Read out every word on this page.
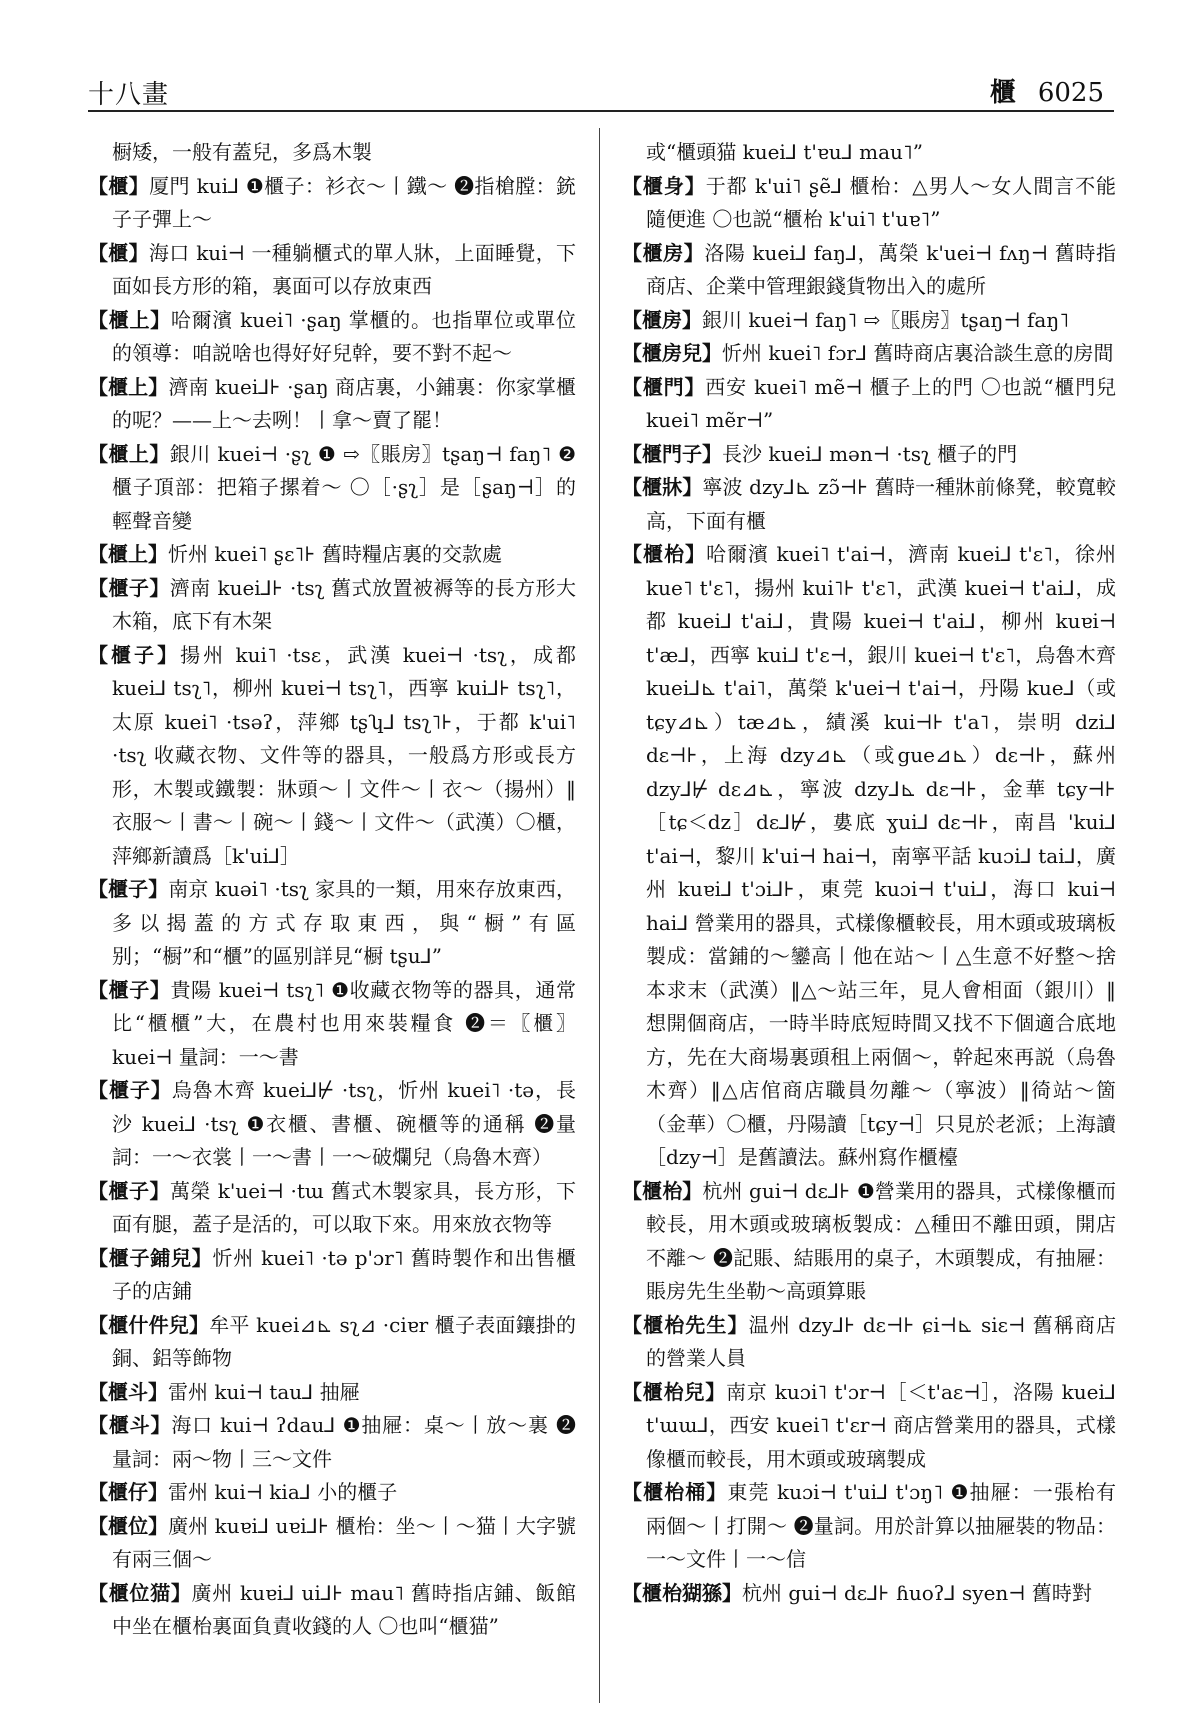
十八畫	櫃 6025

橱矮，一般有蓋兒，多爲木製

【櫃】厦門 kui⅃ ❶櫃子：衫衣～丨鐵～ ❷指槍膛：銃子子彈上～

【櫃】海口 kui⊣ 一種躺櫃式的單人牀，上面睡覺，下面如長方形的箱，裏面可以存放東西

【櫃上】哈爾濱 kuei˥ ·ʂaŋ 掌櫃的。也指單位或單位的領導：咱説啥也得好好兒幹，要不對不起～

【櫃上】濟南 kuei⅃⊦ ·ʂaŋ 商店裏，小鋪裏：你家掌櫃的呢？——上～去咧！丨拿～賣了罷！

【櫃上】銀川 kuei⊣ ·ʂʅ ❶ ⇨〖賬房〗tʂaŋ⊣ faŋ˥ ❷櫃子頂部：把箱子摞着～ 〇［·ʂʅ］是［ʂaŋ⊣］的輕聲音變

【櫃上】忻州 kuei˥ ʂɛ˥⊦ 舊時糧店裏的交款處

【櫃子】濟南 kuei⅃⊦ ·tsʅ 舊式放置被褥等的長方形大木箱，底下有木架

【櫃子】揚州 kui˥ ·tsɛ，武漢 kuei⊣ ·tsʅ，成都 kuei⅃ tsʅ˥，柳州 kuɐi⊣ tsʅ˥，西寧 kui⅃⊦ tsʅ˥，太原 kuei˥ ·tsəʔ，萍鄉 tʂʮ⅃ tsʅ˥⊦，于都 k'ui˥ ·tsʅ 收藏衣物、文件等的器具，一般爲方形或長方形，木製或鐵製：牀頭～丨文件～丨衣～（揚州）‖衣服～丨書～丨碗～丨錢～丨文件～（武漢）〇櫃，萍鄉新讀爲［k'ui⅃］

【櫃子】南京 kuəi˥ ·tsʅ 家具的一類，用來存放東西，多以揭蓋的方式存取東西，與“橱”有區别；“橱”和“櫃”的區别詳見“橱 tʂu⅃”

【櫃子】貴陽 kuei⊣ tsʅ˥ ❶收藏衣物等的器具，通常比“櫃櫃”大，在農村也用來裝糧食 ❷＝〖櫃〗kuei⊣ 量詞：一～書

【櫃子】烏魯木齊 kuei⅃⊬ ·tsʅ，忻州 kuei˥ ·tə，長沙 kuei⅃ ·tsʅ ❶衣櫃、書櫃、碗櫃等的通稱 ❷量詞：一～衣裳丨一～書丨一～破爛兒（烏魯木齊）

【櫃子】萬榮 k'uei⊣ ·tɯ 舊式木製家具，長方形，下面有腿，蓋子是活的，可以取下來。用來放衣物等

【櫃子鋪兒】忻州 kuei˥ ·tə p'ɔr˥ 舊時製作和出售櫃子的店鋪

【櫃什件兒】牟平 kuei⊿⊾ sʅ⊿ ·ciɐr 櫃子表面鑲掛的銅、鋁等飾物

【櫃斗】雷州 kui⊣ tau⅃ 抽屜

【櫃斗】海口 kui⊣ ʔdau⅃ ❶抽屜：桌～丨放～裏 ❷量詞：兩～物丨三～文件

【櫃仔】雷州 kui⊣ kia⅃ 小的櫃子

【櫃位】廣州 kuɐi⅃ uɐi⅃⊦ 櫃枱：坐～丨～猫丨大字號有兩三個～

【櫃位猫】廣州 kuɐi⅃ ui⅃⊦ mau˥ 舊時指店鋪、飯館中坐在櫃枱裏面負責收錢的人 〇也叫“櫃猫”

或“櫃頭猫 kuei⅃ t'ɐu⅃ mau˥”

【櫃身】于都 k'ui˥ ʂẽ⅃ 櫃枱：△男人～女人間言不能隨便進 〇也説“櫃枱 k'ui˥ t'uɐ˥”

【櫃房】洛陽 kuei⅃ faŋ⅃，萬榮 k'uei⊣ fʌŋ⊣ 舊時指商店、企業中管理銀錢貨物出入的處所

【櫃房】銀川 kuei⊣ faŋ˥ ⇨〖賬房〗tʂaŋ⊣ faŋ˥

【櫃房兒】忻州 kuei˥ fɔr⅃ 舊時商店裏洽談生意的房間

【櫃門】西安 kuei˥ mẽ⊣ 櫃子上的門 〇也説“櫃門兒 kuei˥ mẽr⊣”

【櫃門子】長沙 kuei⅃ mən⊣ ·tsʅ 櫃子的門

【櫃牀】寧波 dzy⅃⊾ zɔ̃⊣⊦ 舊時一種牀前條凳，較寬較高，下面有櫃

【櫃枱】哈爾濱 kuei˥ t'ai⊣，濟南 kuei⅃ t'ɛ˥，徐州 kue˥ t'ɛ˥，揚州 kui˥⊦ t'ɛ˥，武漢 kuei⊣ t'ai⅃，成都 kuei⅃ t'ai⅃，貴陽 kuei⊣ t'ai⅃，柳州 kuɐi⊣ t'æ⅃，西寧 kui⅃ t'ɛ⊣，銀川 kuei⊣ t'ɛ˥，烏魯木齊 kuei⅃⊾ t'ai˥，萬榮 k'uei⊣ t'ai⊣，丹陽 kue⅃（或 tɕy⊿⊾）tæ⊿⊾，績溪 kui⊣⊦ t'a˥，崇明 dzi⅃ dɛ⊣⊦，上海 dzy⊿⊾（或gue⊿⊾）dɛ⊣⊦，蘇州 dzy⅃⊬ dɛ⊿⊾，寧波 dzy⅃⊾ dɛ⊣⊦，金華 tɕy⊣⊦［tɕ＜dz］dɛ⅃⊬，婁底 ɣui⅃ dɛ⊣⊦，南昌 'kui⅃ t'ai⊣，黎川 k'ui⊣ hai⊣，南寧平話 kuɔi⅃ tai⅃，廣州 kuɐi⅃ t'ɔi⅃⊦，東莞 kuɔi⊣ t'ui⅃，海口 kui⊣ hai⅃ 營業用的器具，式樣像櫃較長，用木頭或玻璃板製成：當鋪的～鑾高丨他在站～丨△生意不好整～捨本求末（武漢）‖△～站三年，見人會相面（銀川）‖想開個商店，一時半時底短時間又找不下個適合底地方，先在大商場裏頭租上兩個～，幹起來再説（烏魯木齊）‖△店倌商店職員勿離～（寧波）‖徛站～箇（金華）〇櫃，丹陽讀［tɕy⊣］只見於老派；上海讀［dzy⊣］是舊讀法。蘇州寫作櫃檯

【櫃枱】杭州 gui⊣ dɛ⅃⊦ ❶營業用的器具，式樣像櫃而較長，用木頭或玻璃板製成：△種田不離田頭，開店不離～ ❷記賬、結賬用的桌子，木頭製成，有抽屜：賬房先生坐勒～高頭算賬

【櫃枱先生】温州 dzy⅃⊦ dɛ⊣⊦ ɕi⊣⊾ siɛ⊣ 舊稱商店的營業人員

【櫃枱兒】南京 kuɔi˥ t'ɔr⊣［＜t'aɛ⊣］，洛陽 kuei⅃ t'ɯɯ⅃，西安 kuei˥ t'ɛr⊣ 商店營業用的器具，式樣像櫃而較長，用木頭或玻璃製成

【櫃枱桶】東莞 kuɔi⊣ t'ui⅃ t'ɔŋ˥ ❶抽屜：一張枱有兩個～丨打開～ ❷量詞。用於計算以抽屜裝的物品：一～文件丨一～信

【櫃枱猢猻】杭州 gui⊣ dɛ⅃⊦ ɦuoʔ⅃ syen⊣ 舊時對
